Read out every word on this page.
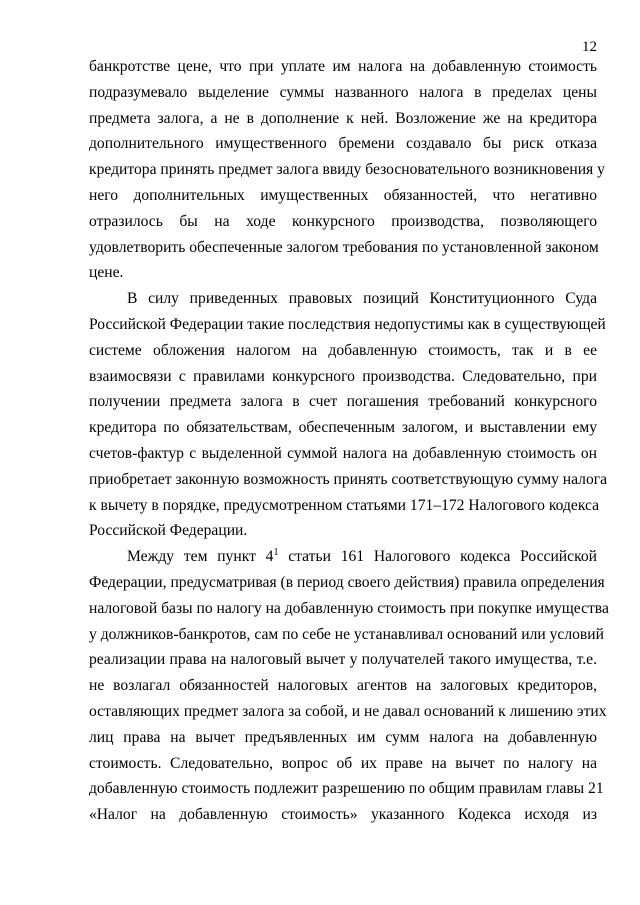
12
банкротстве цене, что при уплате им налога на добавленную стоимость
подразумевало выделение суммы названного налога в пределах цены
предмета залога, а не в дополнение к ней. Возложение же на кредитора
дополнительного имущественного бремени создавало бы риск отказа
кредитора принять предмет залога ввиду безосновательного возникновения у
него дополнительных имущественных обязанностей, что негативно
отразилось бы на ходе конкурсного производства, позволяющего
удовлетворить обеспеченные залогом требования по установленной законом
цене.
В силу приведенных правовых позиций Конституционного Суда
Российской Федерации такие последствия недопустимы как в существующей
системе обложения налогом на добавленную стоимость, так и в ее
взаимосвязи с правилами конкурсного производства. Следовательно, при
получении предмета залога в счет погашения требований конкурсного
кредитора по обязательствам, обеспеченным залогом, и выставлении ему
счетов-фактур с выделенной суммой налога на добавленную стоимость он
приобретает законную возможность принять соответствующую сумму налога
к вычету в порядке, предусмотренном статьями 171–172 Налогового кодекса
Российской Федерации.
Между тем пункт 4$^1$ статьи 161 Налогового кодекса Российской
Федерации, предусматривая (в период своего действия) правила определения
налоговой базы по налогу на добавленную стоимость при покупке имущества
у должников-банкротов, сам по себе не устанавливал оснований или условий
реализации права на налоговый вычет у получателей такого имущества, т.е.
не возлагал обязанностей налоговых агентов на залоговых кредиторов,
оставляющих предмет залога за собой, и не давал оснований к лишению этих
лиц права на вычет предъявленных им сумм налога на добавленную
стоимость. Следовательно, вопрос об их праве на вычет по налогу на
добавленную стоимость подлежит разрешению по общим правилам главы 21
«Налог на добавленную стоимость» указанного Кодекса исходя из
